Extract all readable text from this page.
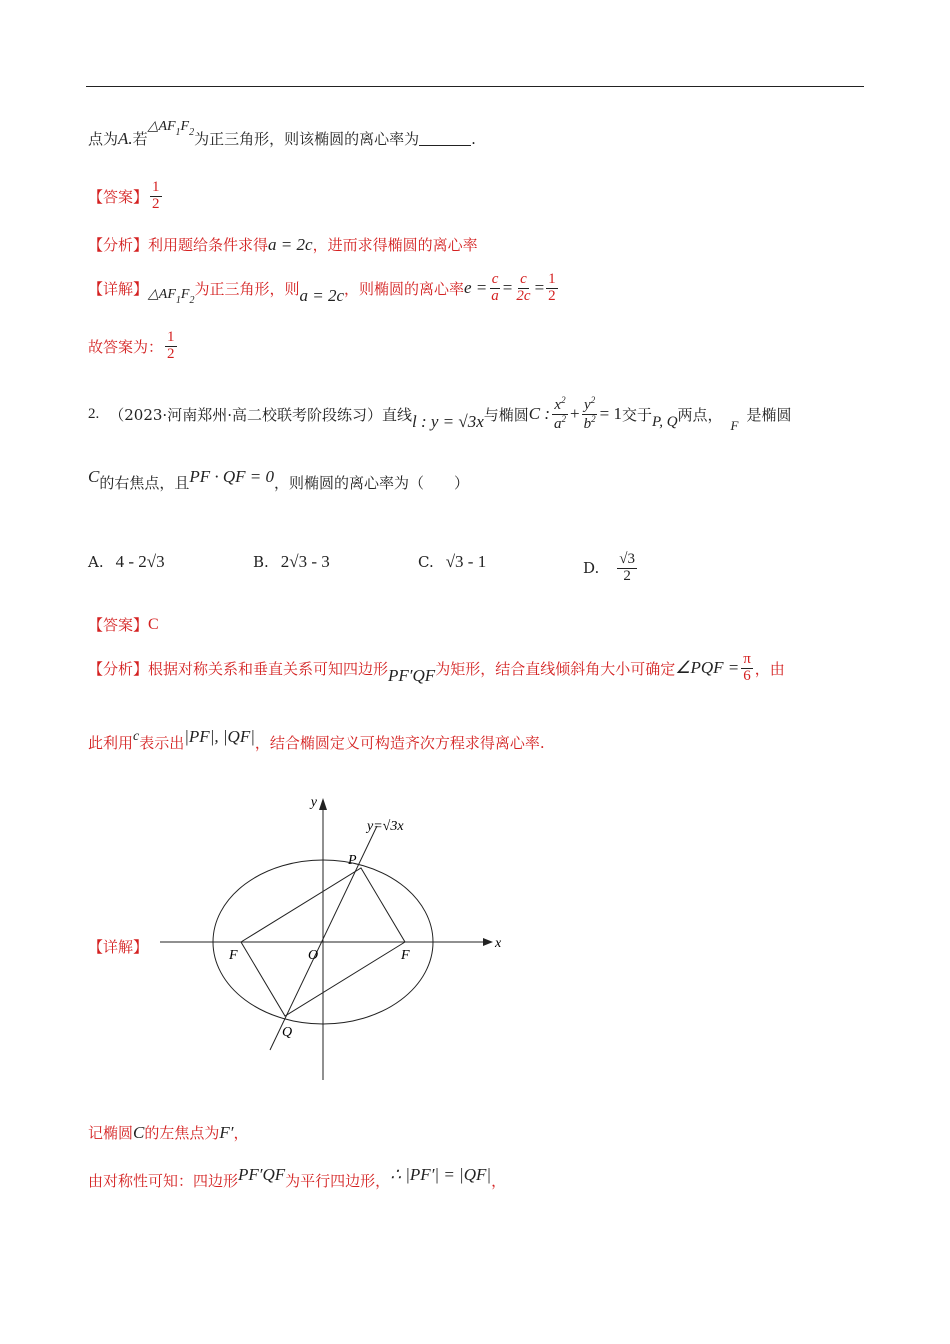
点为 A. 若
$\triangle AF_1F_2$ 为正三角形，则该椭圆的离心率为	.
【答案】 $\frac{1}{2}$
【分析】 利用题给条件求得 a = 2c ，进而求得椭圆的离心率
【详解】 $\triangle AF_1F_2$
为正三角形，则 a = 2c ，则椭圆的离心率 $e = \frac{c}{a} = \frac{c}{2c} = \frac{1}{2}$
故答案为： $\frac{1}{2}$
2. （2023·河南郑州·高二校联考阶段练习）直线 l : y = √3x 与椭圆 C : $\frac{x^2}{a^2} + \frac{y^2}{b^2} = 1$ 交于 P, Q 两点，
F
是椭圆
C 的右焦点，且 PF · QF = 0 ，则椭圆的离心率为（　　）
A. 4 - 2√3	B. 2√3 - 3	C. √3 - 1	D. $\frac{√3}{2}$
【答案】 C
【分析】 根据对称关系和垂直关系可知四边形 PF′QF 为矩形，结合直线倾斜角大小可确定 ∠PQF = $\frac{\pi}{6}$ ，由
此利用 c 表示出 |PF|, |QF| ，结合椭圆定义可构造齐次方程求得离心率.
【详解】
y
x
y=√3x
P
O
F	F
Q
记椭圆 C 的左焦点为 F′ ，
由对称性可知：四边形 PF′QF 为平行四边形， ∴ |PF′| = |QF| ，
